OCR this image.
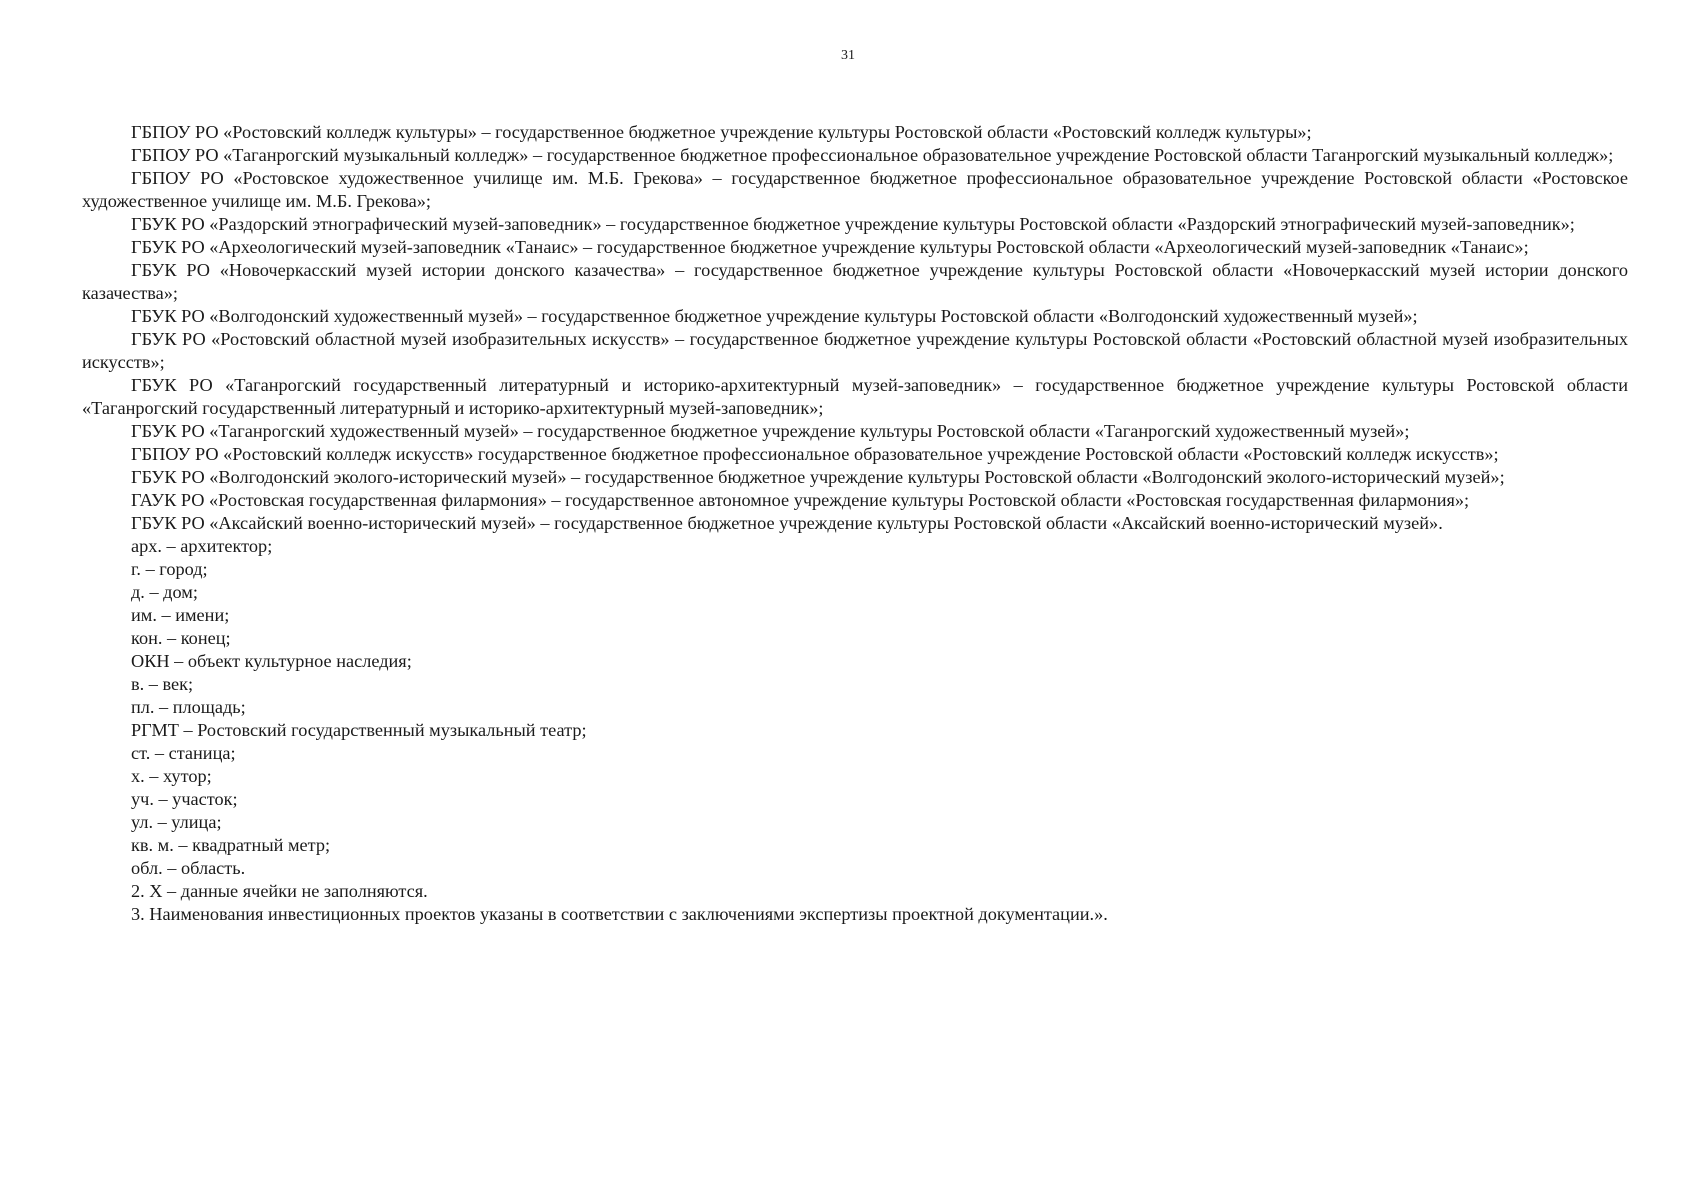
31

ГБПОУ РО «Ростовский колледж культуры» – государственное бюджетное учреждение культуры Ростовской области «Ростовский колледж культуры»;

ГБПОУ РО «Таганрогский музыкальный колледж» – государственное бюджетное профессиональное образовательное учреждение Ростовской области Таганрогский музыкальный колледж»;

ГБПОУ РО «Ростовское художественное училище им. М.Б. Грекова» – государственное бюджетное профессиональное образовательное учреждение Ростовской области «Ростовское художественное училище им. М.Б. Грекова»;

ГБУК РО «Раздорский этнографический музей-заповедник» – государственное бюджетное учреждение культуры Ростовской области «Раздорский этнографический музей-заповедник»;

ГБУК РО «Археологический музей-заповедник «Танаис» – государственное бюджетное учреждение культуры Ростовской области «Археологический музей-заповедник «Танаис»;

ГБУК РО «Новочеркасский музей истории донского казачества» – государственное бюджетное учреждение культуры Ростовской области «Новочеркасский музей истории донского казачества»;

ГБУК РО «Волгодонский художественный музей» – государственное бюджетное учреждение культуры Ростовской области «Волгодонский художественный музей»;

ГБУК РО «Ростовский областной музей изобразительных искусств» – государственное бюджетное учреждение культуры Ростовской области «Ростовский областной музей изобразительных искусств»;

ГБУК РО «Таганрогский государственный литературный и историко-архитектурный музей-заповедник» – государственное бюджетное учреждение культуры Ростовской области «Таганрогский государственный литературный и историко-архитектурный музей-заповедник»;

ГБУК РО «Таганрогский художественный музей» – государственное бюджетное учреждение культуры Ростовской области «Таганрогский художественный музей»;

ГБПОУ РО «Ростовский колледж искусств» государственное бюджетное профессиональное образовательное учреждение Ростовской области «Ростовский колледж искусств»;

ГБУК РО «Волгодонский эколого-исторический музей» – государственное бюджетное учреждение культуры Ростовской области «Волгодонский эколого-исторический музей»;

ГАУК РО «Ростовская государственная филармония» – государственное автономное учреждение культуры Ростовской области «Ростовская государственная филармония»;

ГБУК РО «Аксайский военно-исторический музей» – государственное бюджетное учреждение культуры Ростовской области «Аксайский военно-исторический музей».

арх. – архитектор;

г. – город;

д. – дом;

им. – имени;

кон. – конец;

ОКН – объект культурное наследия;

в. – век;

пл. – площадь;

РГМТ – Ростовский государственный музыкальный театр;

ст. – станица;

х. – хутор;

уч. – участок;

ул. – улица;

кв. м. – квадратный метр;

обл. – область.

2. Х – данные ячейки не заполняются.

3. Наименования инвестиционных проектов указаны в соответствии с заключениями экспертизы проектной документации.».
